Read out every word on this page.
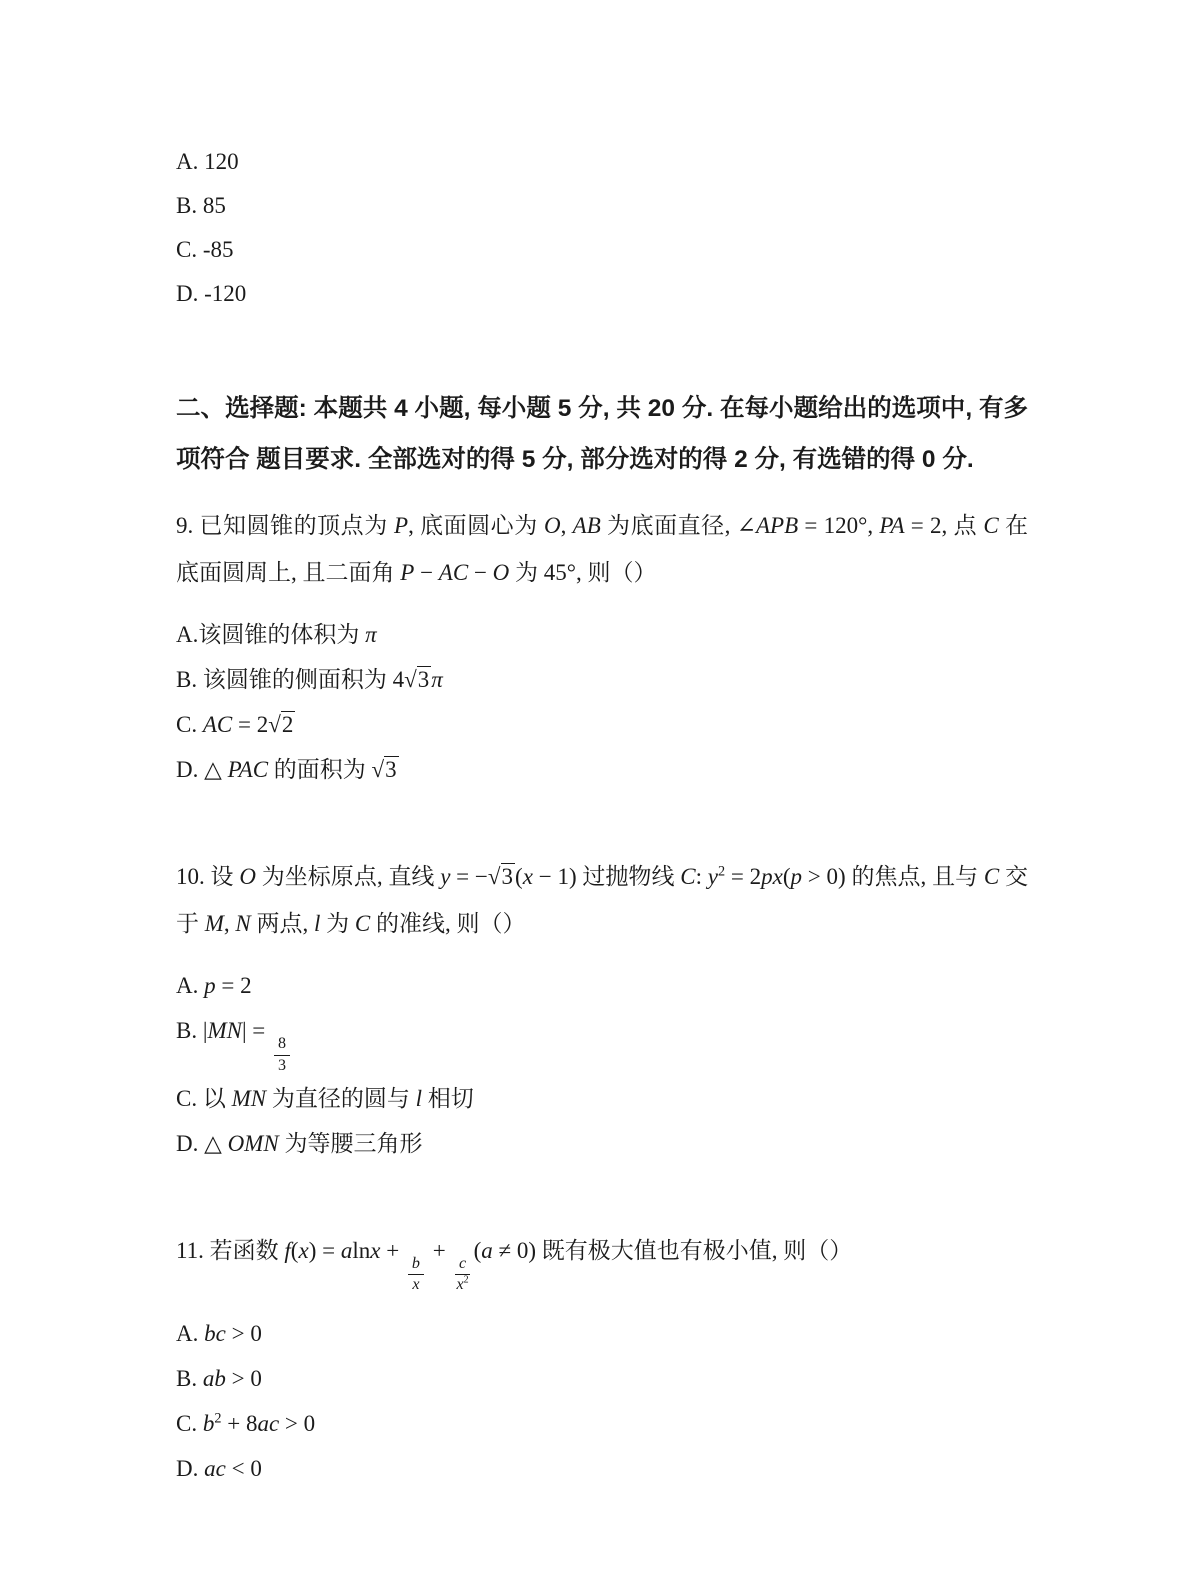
A. 120

B. 85

C. -85

D. -120

二、选择题: 本题共 4 小题, 每小题 5 分, 共 20 分. 在每小题给出的选项中, 有多项符合 题目要求. 全部选对的得 5 分, 部分选对的得 2 分, 有选错的得 0 分.

9. 已知圆锥的顶点为 P, 底面圆心为 O, AB 为底面直径, ∠APB = 120°, PA = 2, 点 C 在底面圆周上, 且二面角 P − AC − O 为 45°, 则（）

A.该圆锥的体积为 π

B. 该圆锥的侧面积为 4√3π

C. AC = 2√2

D. △ PAC 的面积为 √3

10. 设 O 为坐标原点, 直线 y = −√3(x − 1) 过抛物线 C: $y^2 = 2px(p > 0)$ 的焦点, 且与 C 交于 M, N 两点, l 为 C 的准线, 则（）

A. p = 2

B. |MN| =
$\frac{8}{3}$

C. 以 MN 为直径的圆与 l 相切

D. △ OMN 为等腰三角形

11. 若函数 f(x) = alnx +
$\frac{b}{x}$
+
$\frac{c}{x^2}$
(a ≠ 0) 既有极大值也有极小值, 则（）

A. bc > 0

B. ab > 0

C. $b^2 + 8ac > 0$

D. ac < 0
